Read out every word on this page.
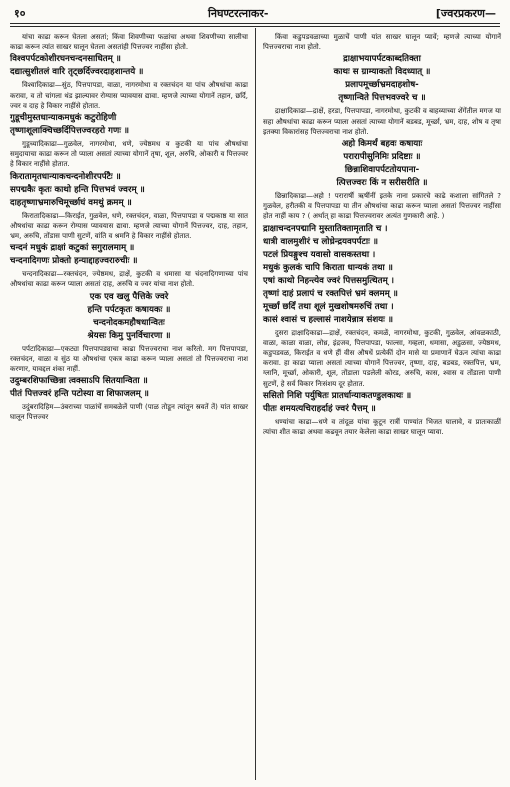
१०	निघण्टरत्नाकर-	[ज्वरप्रकरण—

यांचा काढा करून घेतला असतां; किंवा शिवणीच्या फळांचा अथवा शिवणीच्या सालीचा काढा करून त्यांत साखर घालून घेतला असतांही पित्तज्वर नाहींसा होतो.

विश्वपर्पटकोशीरघनचन्दनसाधितम् ॥

दद्यात्सुशीतलं वारि तृट्छर्दिज्वरदाहशान्तये ॥

विश्वादिकाढा—सुंठ, पित्तपापडा, वाळा, नागरमोथा व रक्तचंदन या पांच औषधांचा काढा करावा, व तो चांगला थंड झाल्यावर रोग्यास प्यावयास द्यावा. म्हणजे त्याच्या योगानें तहान, छर्दि, ज्वर व दाह हे विकार नाहींसे होतात.

गुडूचीमुस्तधान्याकमधुकं कटुरोहिणी

तृष्णाशूलाक्चिच्छर्दिपित्तज्वरहरो गणः ॥

गुडूच्यादिकाढा—गुळवेल, नागरमोथा, धणे, ज्येष्ठमध व कुटकी या पांच औषधांचा समुदायाचा काढा करून तो प्याला असतां त्याच्या योगानें तृषा, शूल, अरुचि, ओकारी व पित्तज्वर हे विकार नाहींसे होतात.

किरातामृतधान्याकचन्दनोशीरपर्पटैः ॥

सपद्मकैः कृतः काथो हन्ति पित्तभवं ज्वरम् ॥

दाहतृष्णाभ्रमारुचिमूर्च्छाघं वमथुं क्रमम् ॥

किरातादिकाढा—किराईत, गुळवेल, धणे, रक्तचंदन, वाळा, पित्तपापडा व पद्मकाष्ठ या सात औषधांचा काढा करून रोग्यास प्यावयास द्यावा. म्हणजे त्याच्या योगानें पित्तज्वर, दाह, तहान, भ्रम, अरुचि, तोंडास पाणी सुटणें, वांति व श्रमनि हे विकार नाहींसे होतात.

चन्दनं मधुकं द्राक्षां कटुकां सगुरालमाम् ॥

चन्दनादिगणः प्रोक्तो हन्याद्दाहज्वरारुचीः ॥

चन्दनादिकाढा—रक्तचंदन, ज्येष्ठमध, द्राक्षें, कुटकी व धमासा या चंदनादिगणाच्या पांच औषधांचा काढा करून प्याला असतां दाह, अरुचि व ज्वर यांचा नाश होतो.

एक एव खलु पैत्तिके ज्वरे

हन्ति पर्पटकृतः कषायकः ॥

चन्दनोदकमहौषधान्वितः

श्रेयसः किमु पुनर्विचारणा ॥

पर्पटादिकाढा—एकट्या पित्तपापड्याचा काढा पित्तज्वराचा नाश करितो. मग पित्तपापडा, रक्तचंदन, वाळा व सुंठ या औषधांचा एकत्र काढा करून प्याला असतां तो पित्तज्वराचा नाश करणार, यावद्दल शंका नाहीं.

उदुम्बरशिफाच्छिन्ना त्वक्साऽपि सितयान्विता ॥

पीतं पित्तज्वरं हन्ति पटोस्या वा शिफाजलम् ॥

उदुंबरादिहिम—उंबराच्या पाळांचें समबळेलें पाणी (पाळ तोडून त्यांतून स्रवतें तें) यांत साखर घालून पित्तज्वर

किंवा कडुपडवळाच्या मुळाचें पाणी यांत साखर घालून प्यावें; म्हणजे त्याच्या योगानें पित्तज्वराचा नाश होतो.

द्राक्षाभयापर्पटकाब्दतिक्ता

काथः स ग्राम्याकतो विदध्यात् ॥

प्रलापमूर्च्छाभ्रमदाहशोष-

तृष्णान्विते पित्तभवज्वरे च ॥

द्राक्षादिकाढा—द्राक्षें, हरडा, पित्तपापडा, नागरमोथा, कुटकी व बाहव्याच्या शेंगेंतील मगज या सहा औषधांचा काढा करून प्याला असतां त्याच्या योगानें बडबड, मूर्च्छा, भ्रम, दाह, शोष व तृषा इतक्या विकारांसह पित्तज्वराचा नाश होतो.

अहो किमर्थं बहवः कषायाः

परारापीसुनिमिः प्रदिष्टाः ॥

छिन्नाशिवापर्पटतोयपाना-

त्पित्तज्वरः किं न सरीसरीति ॥

छिन्नादिकाढा—अहो ! परारार्षी ऋषींनीं इतके नाना प्रकारचे काढे कशाला सांगितले ? गुळवेल, हरीतकी व पित्तपापडा या तीन औषधांचा काढा करून प्याला असतां पित्तज्वर नाहींसा होत नाहीं काय ? ( अर्थात् हा काढा पित्तज्वरावर अत्यंत गुणकारी आहे. )

द्राक्षाचन्दनपद्मानि मुस्तातिक्तामृताति च ।

धात्री वालमुशीरं च लोध्रेन्द्रयवपर्पटाः ॥

पटलं प्रियङ्गुश्च यवासो वासकस्तथा ।

मधुकं कुलकं चापि किराता धान्यकं तथा ॥

एषां काथो निहन्त्येव ज्वरं पित्तसमुत्थितम् ।

तृष्णां दाहं प्रलापं च रक्तपित्तं भ्रमं क्लमम् ॥

मूर्च्छां छर्दिं तथा शूलं मुखशोषमरुचिं तथा ।

कासं श्वासं च हल्लासं नाशयेन्नात्र संशयः ॥

दुसरा द्राक्षादिकाढा—द्राक्षें, रक्तचंदन, कमळें, नागरमोथा, कुटकी, गुळवेल, आंवळकाठी, वाळा, काळा वाळा, लोध्र, इंद्रजव, पित्तपापडा, फाल्सा, गव्हला, धमासा, अडुळसा, ज्येष्ठमध, कडुपडवळ, किराईत व धणे हीं वीस औषधें प्रत्येकीं दोन मासे या प्रमाणानें घेऊन त्यांचा काढा करावा. हा काढा प्याला असतां त्याच्या योगानें पित्तज्वर, तृष्णा, दाह, बडबड, रक्तपित्त, भ्रम, ग्लानि, मूर्च्छा, ओकारी, शूल, तोंडाला पडलेली कोरड, अरुचि, कास, श्वास व तोंडाला पाणी सुटणें, हे सर्व विकार निःसंशय दूर होतात.

ससितो निशि पर्युषितः प्रातर्धान्याकतण्डुलकाथः ॥

पीतः शमयत्यचिराहर्दाहं ज्वरं पैत्तम् ॥

धण्यांचा काढा—धणे व तांदूळ यांचा कूटून रात्रीं पाण्यांत भिजत घालावे, व प्रातःकाळीं त्यांचा शीत काढा अथवा कढवून तयार केलेला काढा साखर घालून प्यावा.
